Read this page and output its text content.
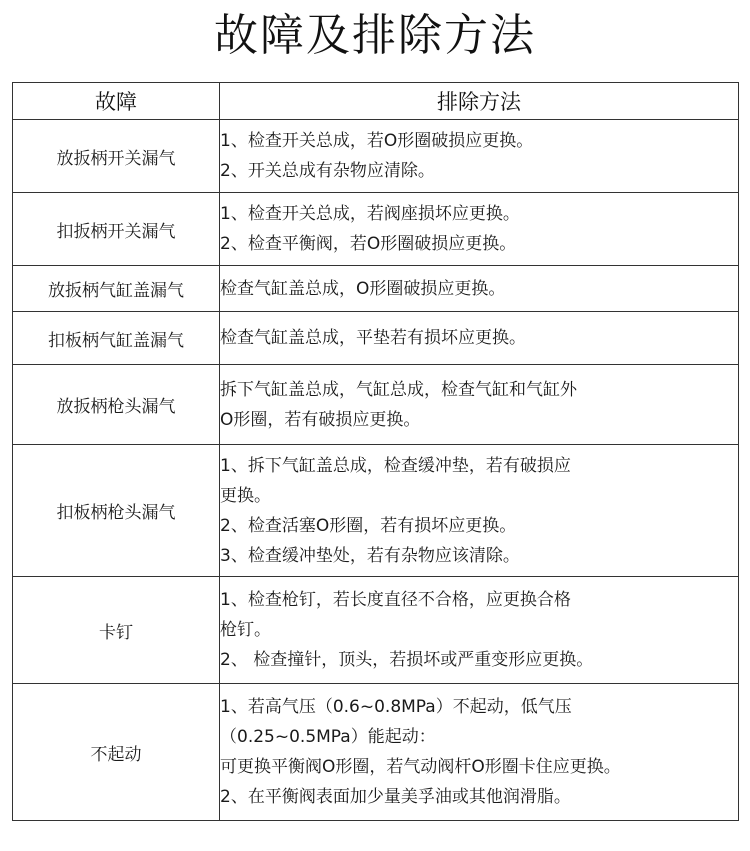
故障及排除方法
故障	排除方法
放扳柄开关漏气	1、检查开关总成，若O形圈破损应更换。
2、开关总成有杂物应清除。

扣扳柄开关漏气	1、检查开关总成，若阀座损坏应更换。
2、检查平衡阀，若O形圈破损应更换。

放扳柄气缸盖漏气	检查气缸盖总成，O形圈破损应更换。

扣板柄气缸盖漏气	检查气缸盖总成，平垫若有损坏应更换。

放扳柄枪头漏气	拆下气缸盖总成，气缸总成，检查气缸和气缸外
O形圈，若有破损应更换。

扣板柄枪头漏气	1、拆下气缸盖总成，检查缓冲垫，若有破损应
更换。
2、检查活塞O形圈，若有损坏应更换。
3、检查缓冲垫处，若有杂物应该清除。

卡钉	1、检查枪钉，若长度直径不合格，应更换合格
枪钉。
2、 检查撞针，顶头，若损坏或严重变形应更换。

不起动	1、若高气压（0.6~0.8MPa）不起动，低气压
（0.25~0.5MPa）能起动：
可更换平衡阀O形圈，若气动阀杆O形圈卡住应更换。
2、在平衡阀表面加少量美孚油或其他润滑脂。
